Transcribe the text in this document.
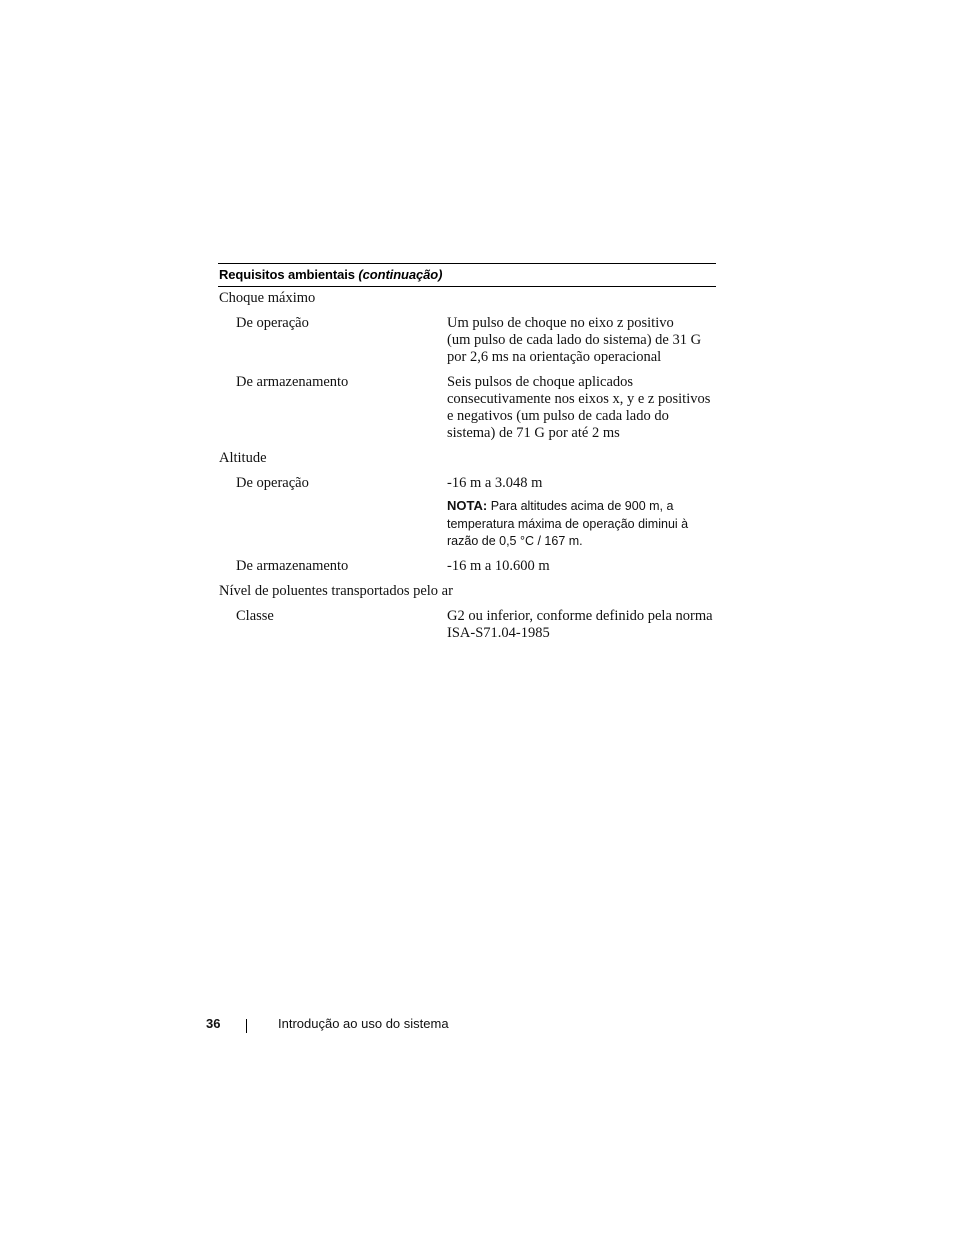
Requisitos ambientais (continuação)
Choque máximo
De operação	Um pulso de choque no eixo z positivo
(um pulso de cada lado do sistema) de 31 G
por 2,6 ms na orientação operacional
De armazenamento	Seis pulsos de choque aplicados
consecutivamente nos eixos x, y e z positivos
e negativos (um pulso de cada lado do
sistema) de 71 G por até 2 ms
Altitude
De operação	-16 m a 3.048 m
NOTA: Para altitudes acima de 900 m, a
temperatura máxima de operação diminui à
razão de 0,5 °C / 167 m.
De armazenamento	-16 m a 10.600 m
Nível de poluentes transportados pelo ar
Classe	G2 ou inferior, conforme definido pela norma
ISA-S71.04-1985
36	Introdução ao uso do sistema
